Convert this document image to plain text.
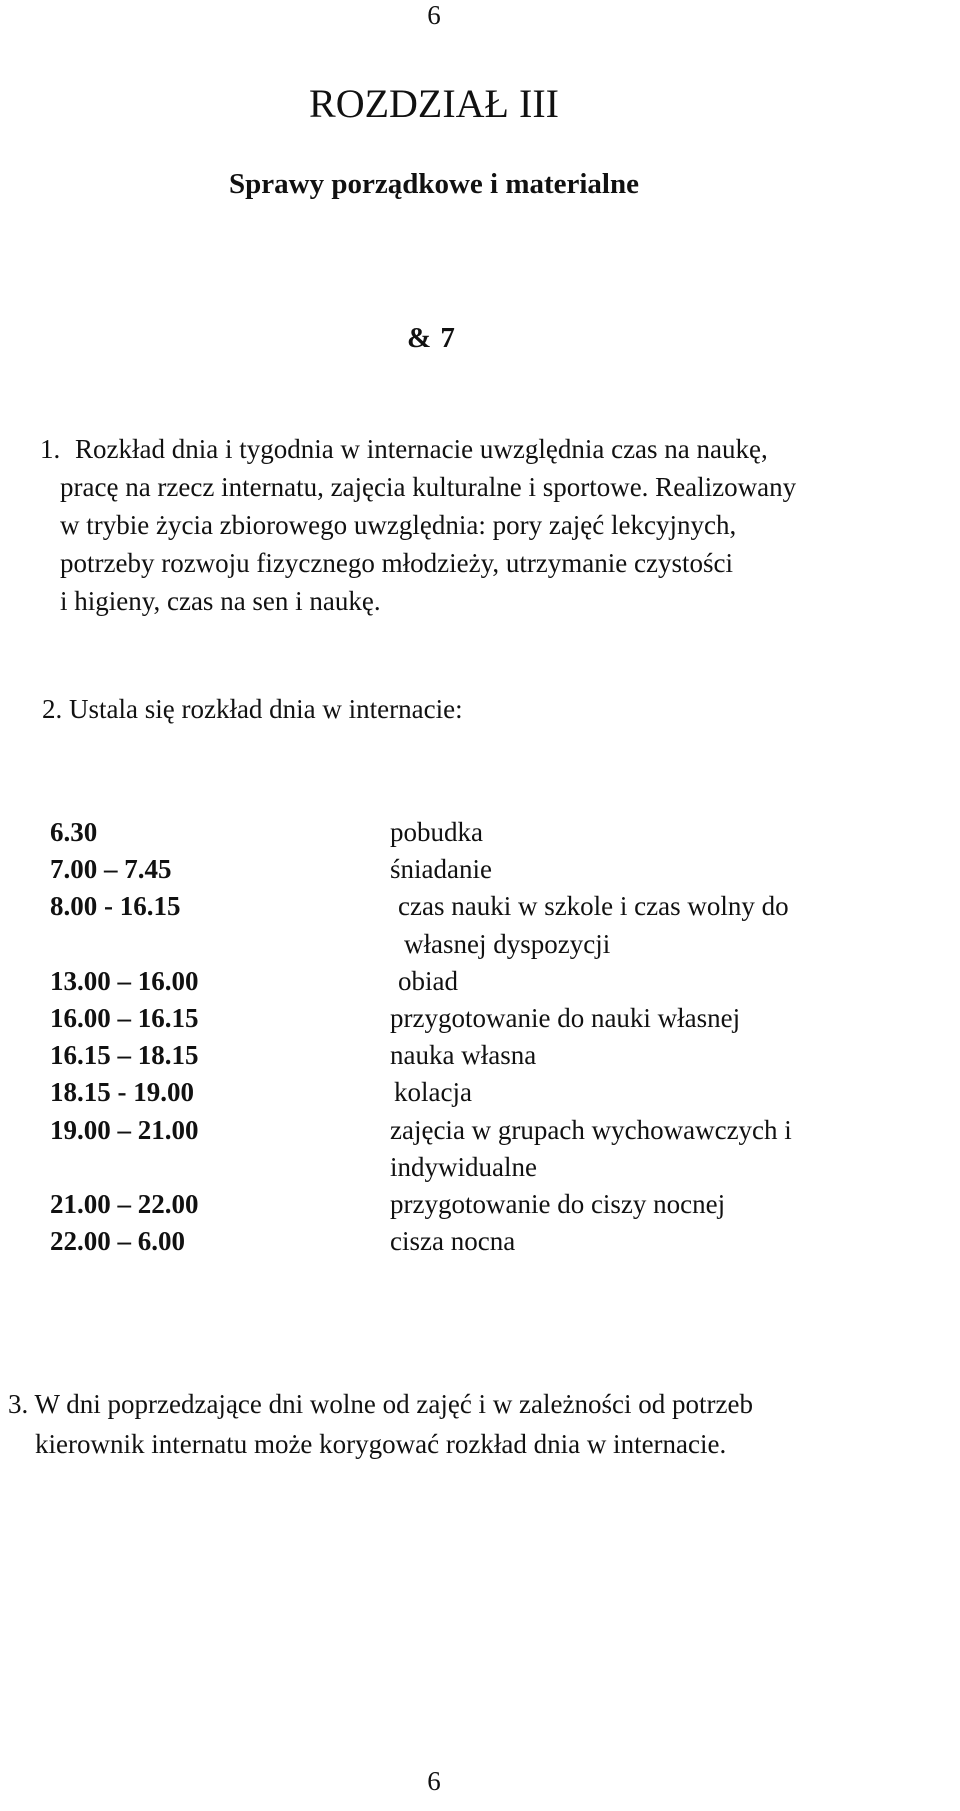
6
ROZDZIAŁ III
Sprawy porządkowe i materialne
& 7
1. Rozkład dnia i tygodnia w internacie uwzględnia czas na naukę,
pracę na rzecz internatu, zajęcia kulturalne i sportowe. Realizowany
w trybie życia zbiorowego uwzględnia: pory zajęć lekcyjnych,
potrzeby rozwoju fizycznego młodzieży, utrzymanie czystości
i higieny, czas na sen i naukę.
2. Ustala się rozkład dnia w internacie:
6.30	pobudka
7.00 – 7.45	śniadanie
8.00 - 16.15	czas nauki w szkole i czas wolny do
własnej dyspozycji
13.00 – 16.00	obiad
16.00 – 16.15	przygotowanie do nauki własnej
16.15 – 18.15	nauka własna
18.15 - 19.00	kolacja
19.00 – 21.00	zajęcia w grupach wychowawczych i
indywidualne
21.00 – 22.00	przygotowanie do ciszy nocnej
22.00 – 6.00	cisza nocna
3. W dni poprzedzające dni wolne od zajęć i w zależności od potrzeb
kierownik internatu może korygować rozkład dnia w internacie.
6
